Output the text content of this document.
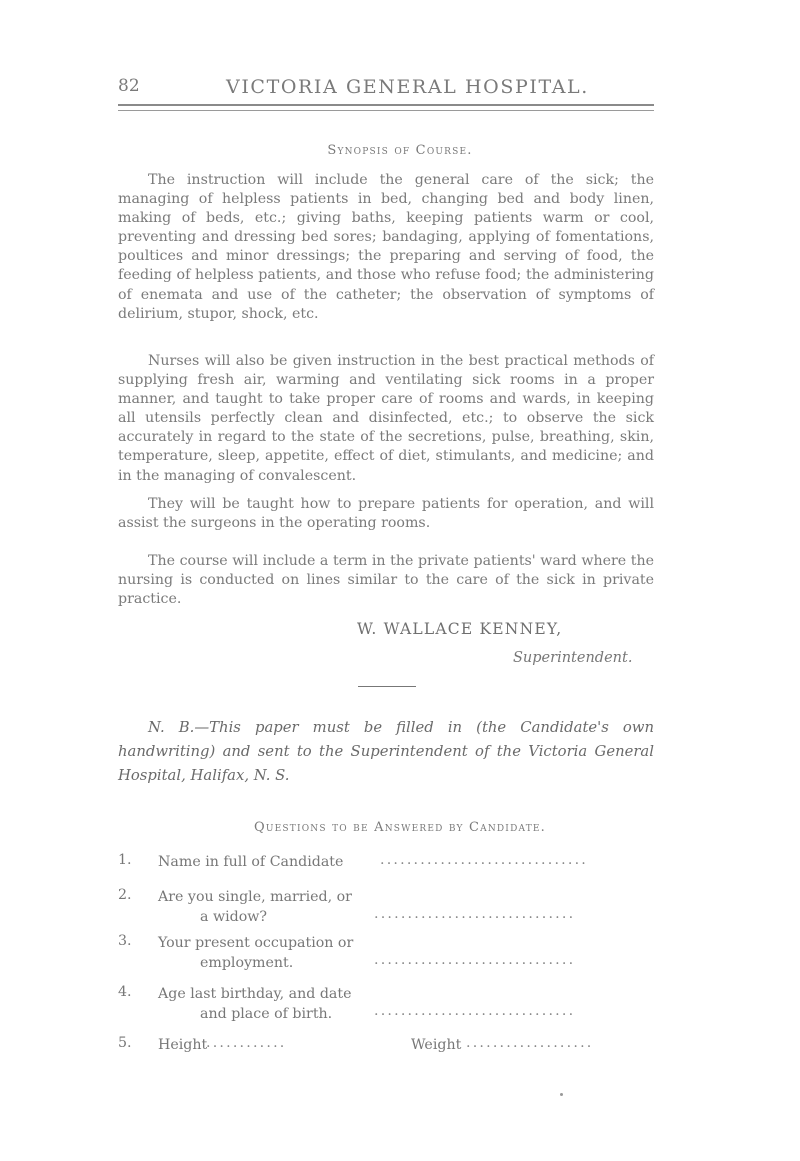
82	VICTORIA GENERAL HOSPITAL.
Synopsis of Course.

The instruction will include the general care of the sick; the managing of helpless patients in bed, changing bed and body linen, making of beds, etc.; giving baths, keeping patients warm or cool, preventing and dressing bed sores; bandaging, applying of fomentations, poultices and minor dressings; the preparing and serving of food, the feeding of helpless patients, and those who refuse food; the administering of enemata and use of the catheter; the observation of symptoms of delirium, stupor, shock, etc.

Nurses will also be given instruction in the best practical methods of supplying fresh air, warming and ventilating sick rooms in a proper manner, and taught to take proper care of rooms and wards, in keeping all utensils perfectly clean and disinfected, etc.; to observe the sick accurately in regard to the state of the secretions, pulse, breathing, skin, temperature, sleep, appetite, effect of diet, stimulants, and medicine; and in the managing of convalescent.

They will be taught how to prepare patients for operation, and will assist the surgeons in the operating rooms.

The course will include a term in the private patients' ward where the nursing is conducted on lines similar to the care of the sick in private practice.

W. WALLACE KENNEY,
Superintendent.

N. B.—This paper must be filled in (the Candidate's own handwriting) and sent to the Superintendent of the Victoria General Hospital, Halifax, N. S.

Questions to be Answered by Candidate.
1.	Name in full of Candidate	...............................
2.	Are you single, married, or
a widow?	..............................
3.	Your present occupation or
employment.	..............................
4.	Age last birthday, and date
and place of birth.	..............................
5.	Height
............	Weight ...................
